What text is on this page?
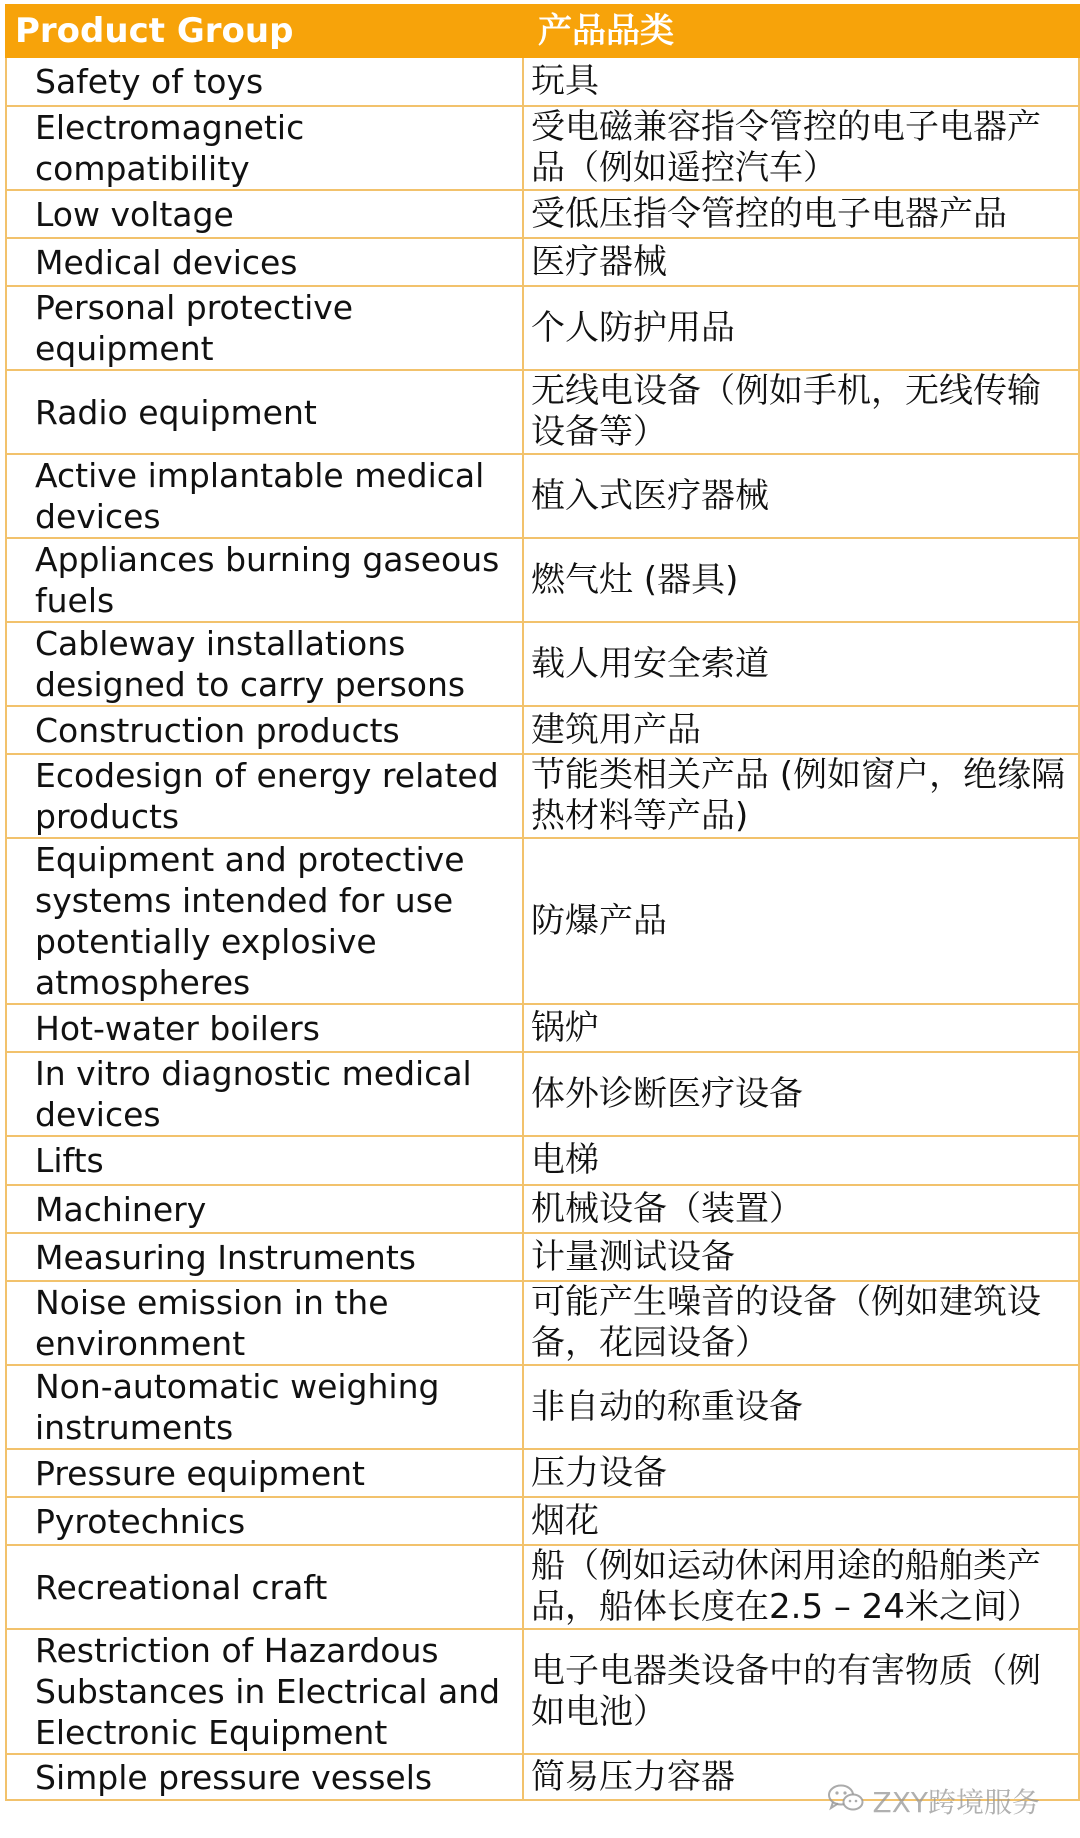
Product Group	产品品类
Safety of toys	玩具
Electromagnetic compatibility	受电磁兼容指令管控的电子电器产品（例如遥控汽车）
Low voltage	受低压指令管控的电子电器产品
Medical devices	医疗器械
Personal protective equipment	个人防护用品
Radio equipment	无线电设备（例如手机，无线传输设备等）
Active implantable medical devices	植入式医疗器械
Appliances burning gaseous fuels	燃气灶 (器具)
Cableway installations designed to carry persons	载人用安全索道
Construction products	建筑用产品
Ecodesign of energy related products	节能类相关产品 (例如窗户，绝缘隔热材料等产品)
Equipment and protective systems intended for use potentially explosive atmospheres	防爆产品
Hot-water boilers	锅炉
In vitro diagnostic medical devices	体外诊断医疗设备
Lifts	电梯
Machinery	机械设备（装置）
Measuring Instruments	计量测试设备
Noise emission in the environment	可能产生噪音的设备（例如建筑设备，花园设备）
Non-automatic weighing instruments	非自动的称重设备
Pressure equipment	压力设备
Pyrotechnics	烟花
Recreational craft	船（例如运动休闲用途的船舶类产品，船体长度在2.5 – 24米之间）
Restriction of Hazardous Substances in Electrical and Electronic Equipment	电子电器类设备中的有害物质（例如电池）
Simple pressure vessels	简易压力容器
ZXY跨境服务
